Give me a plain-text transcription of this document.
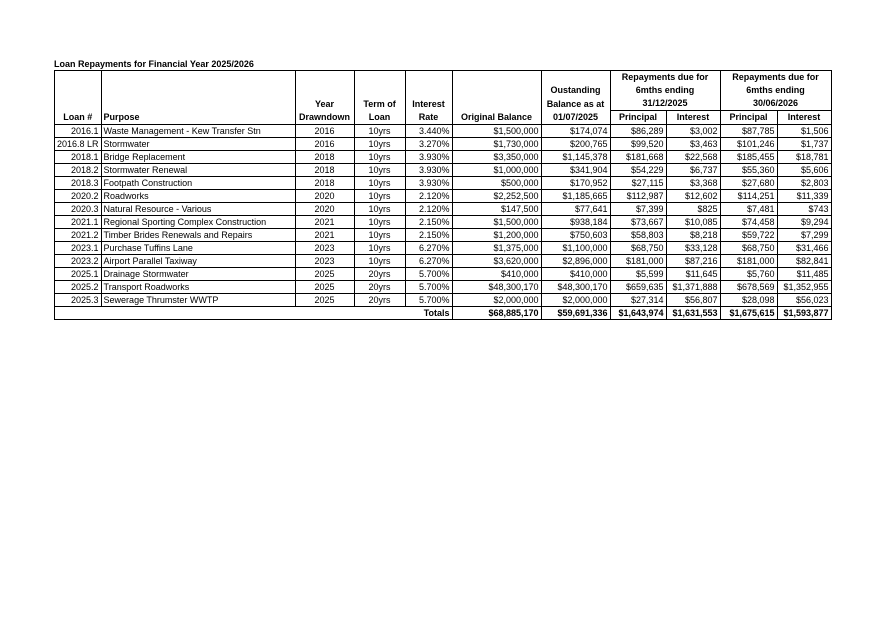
Loan Repayments for Financial Year 2025/2026
							Repayments due for		Repayments due for	
						Oustanding	6mths ending		6mths ending	
		Year	Term of	Interest		Balance as at	31/12/2025		30/06/2026	
Loan #	Purpose	Drawndown	Loan	Rate	Original Balance	01/07/2025	Principal	Interest	Principal	Interest
2016.1	Waste Management - Kew Transfer Stn	2016	10yrs	3.440%	$1,500,000	$174,074	$86,289	$3,002	$87,785	$1,506
2016.8 LR	Stormwater	2016	10yrs	3.270%	$1,730,000	$200,765	$99,520	$3,463	$101,246	$1,737
2018.1	Bridge Replacement	2018	10yrs	3.930%	$3,350,000	$1,145,378	$181,668	$22,568	$185,455	$18,781
2018.2	Stormwater Renewal	2018	10yrs	3.930%	$1,000,000	$341,904	$54,229	$6,737	$55,360	$5,606
2018.3	Footpath Construction	2018	10yrs	3.930%	$500,000	$170,952	$27,115	$3,368	$27,680	$2,803
2020.2	Roadworks	2020	10yrs	2.120%	$2,252,500	$1,185,665	$112,987	$12,602	$114,251	$11,339
2020.3	Natural Resource - Various	2020	10yrs	2.120%	$147,500	$77,641	$7,399	$825	$7,481	$743
2021.1	Regional Sporting Complex Construction	2021	10yrs	2.150%	$1,500,000	$938,184	$73,667	$10,085	$74,458	$9,294
2021.2	Timber Brides Renewals and Repairs	2021	10yrs	2.150%	$1,200,000	$750,603	$58,803	$8,218	$59,722	$7,299
2023.1	Purchase Tuffins Lane	2023	10yrs	6.270%	$1,375,000	$1,100,000	$68,750	$33,128	$68,750	$31,466
2023.2	Airport Parallel Taxiway	2023	10yrs	6.270%	$3,620,000	$2,896,000	$181,000	$87,216	$181,000	$82,841
2025.1	Drainage Stormwater	2025	20yrs	5.700%	$410,000	$410,000	$5,599	$11,645	$5,760	$11,485
2025.2	Transport Roadworks	2025	20yrs	5.700%	$48,300,170	$48,300,170	$659,635	$1,371,888	$678,569	$1,352,955
2025.3	Sewerage Thrumster WWTP	2025	20yrs	5.700%	$2,000,000	$2,000,000	$27,314	$56,807	$28,098	$56,023
Totals					$68,885,170	$59,691,336	$1,643,974	$1,631,553	$1,675,615	$1,593,877
